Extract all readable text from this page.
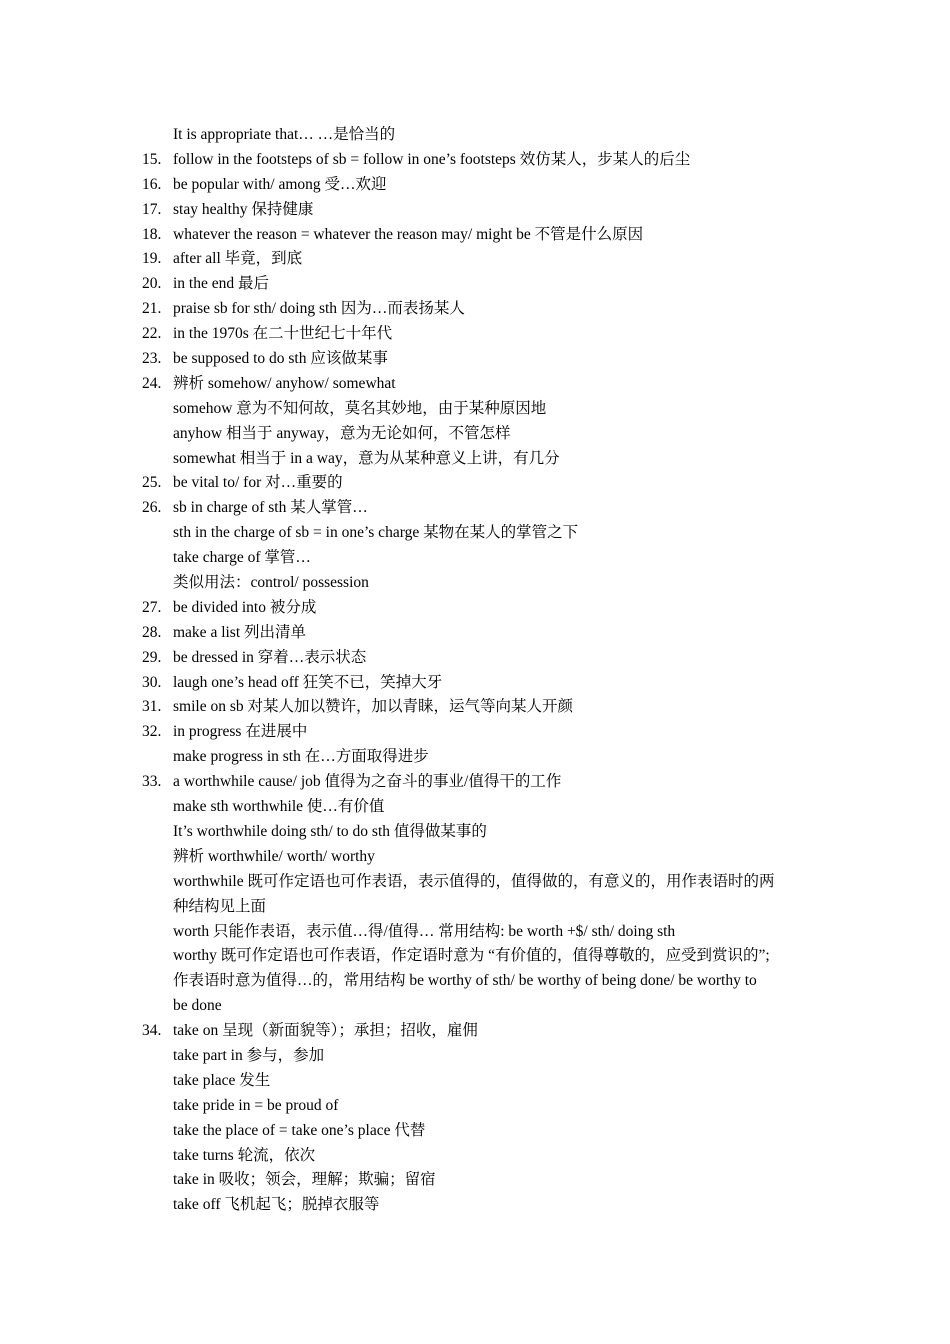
It is appropriate that… …是恰当的
15. follow in the footsteps of sb = follow in one’s footsteps 效仿某人，步某人的后尘
16. be popular with/ among 受…欢迎
17. stay healthy 保持健康
18. whatever the reason = whatever the reason may/ might be 不管是什么原因
19. after all 毕竟，到底
20. in the end 最后
21. praise sb for sth/ doing sth 因为…而表扬某人
22. in the 1970s 在二十世纪七十年代
23. be supposed to do sth 应该做某事
24. 辨析 somehow/ anyhow/ somewhat
somehow 意为不知何故，莫名其妙地，由于某种原因地
anyhow 相当于 anyway，意为无论如何，不管怎样
somewhat 相当于 in a way，意为从某种意义上讲，有几分
25. be vital to/ for 对…重要的
26. sb in charge of sth 某人掌管…
sth in the charge of sb = in one’s charge 某物在某人的掌管之下
take charge of 掌管…
类似用法：control/ possession
27. be divided into 被分成
28. make a list 列出清单
29. be dressed in 穿着…表示状态
30. laugh one’s head off 狂笑不已，笑掉大牙
31. smile on sb 对某人加以赞许，加以青睐，运气等向某人开颜
32. in progress 在进展中
make progress in sth 在…方面取得进步
33. a worthwhile cause/ job 值得为之奋斗的事业/值得干的工作
make sth worthwhile 使…有价值
It’s worthwhile doing sth/ to do sth 值得做某事的
辨析 worthwhile/ worth/ worthy
worthwhile 既可作定语也可作表语，表示值得的，值得做的，有意义的，用作表语时的两
种结构见上面
worth 只能作表语，表示值…得/值得… 常用结构: be worth +$/ sth/ doing sth
worthy 既可作定语也可作表语，作定语时意为 “有价值的，值得尊敬的，应受到赏识的”;
作表语时意为值得…的，常用结构 be worthy of sth/ be worthy of being done/ be worthy to
be done
34. take on 呈现（新面貌等）；承担；招收，雇佣
take part in 参与，参加
take place 发生
take pride in = be proud of
take the place of = take one’s place 代替
take turns 轮流，依次
take in 吸收；领会，理解；欺骗；留宿
take off 飞机起飞；脱掉衣服等
